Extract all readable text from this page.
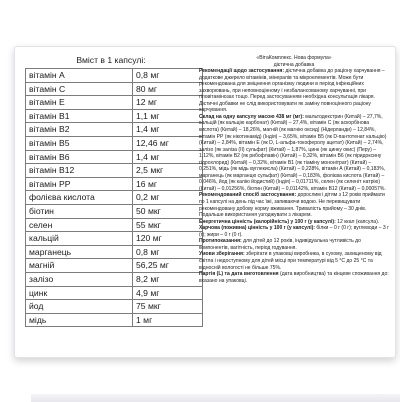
Вміст в 1 капсулі:
вітамін А	0,8 мг
вітамін С	80 мг
вітамін Е	12 мг
вітамін В1	1,1 мг
вітамін В2	1,4 мг
вітамін В5	12,46 мг
вітамін В6	1,4 мг
вітамін В12	2,5 мкг
вітамін РР	16 мг
фолієва кислота	0,2 мг
біотин	50 мкг
селен	55 мкг
кальцій	120 мг
марганець	0,8 мг
магній	56,25 мг
залізо	8,2 мг
цинк	4,9 мг
йод	75 мкг
мідь	1 мг

«ВітаКомплекс. Нова формула»

дієтична добавка

Рекомендації щодо застосування: дієтична добавка до раціону харчування – додаткове джерело вітамінів, мінералів та мікроелементів. Може бути рекомендована для зміцнення організму людини в період інфекційних захворювань, при неповноцінному і незбалансованому харчуванні, при гіповітамінозах тощо. Перед застосуванням необхідна консультація лікаря. Дієтичні добавки не слід використовувати як заміну повноцінного раціону харчування.

Склад на одну капсулу масою 438 мг (мг): мальтодекстрин (Китай) – 27,7%, кальцій (як кальцію карбонат) (Китай) – 27,4%, вітамін С (як аскорбінова кислота) (Китай) – 18,26%, магній (як магнію оксид) (Нідерланди) – 12,84%, вітамін РР (як нікотинамід) (Індія) – 3,65%, вітамін В5 (як D-пантотенат кальцію) (Китай) – 2,84%, вітамін Е (як D, L-альфа-токоферолу ацетат) (Китай) – 2,74%, залізо (як заліза (ІІ) сульфат) (Китай) – 1,87%, цинк (як цинку окис) (Перу) – 1,12%, вітамін В2 (як рибофлавін) (Китай) – 0,32%, вітамін В6 (як піридоксину гідрохлорид) (Китай) – 0,32%, вітамін В1 (як тіаміну мононітрат) (Китай) – 0,251%, мідь (як мідь вуглекисла) (Китай) – 0,228%, вітамін А (Китай) – 0,183%, марганець (як марганцю сульфат) (Китай) – 0,183%, фолієва кислота (Китай) – 0,046%, йод (як калію йодистий) (Індія) – 0,01711%, селен (як селеніт натрію) (Китай) – 0,01256%, біотин (Китай) – 0,01142%, вітамін В12 (Китай) – 0,00057%.

Рекомендований спосіб застосування: дорослим і дітям з 12 років приймати по 1 капсулі на день під час їжі, запиваючи водою. Не перевищувати рекомендовану добову норму вживання. Тривалість прийому – 30 днів. Подальше використання узгоджувати з лікарем.

Енергетична цінність (калорійність) у 100 г (у капсулі): 12 ккал (капсула).

Харчова (поживна) цінність у 100 г (у капсулі): білки – 0 г (0 г); вуглеводи – 3 г (г); жири – 0 г (0 г).

Протипоказання: для дітей до 12 років, індивідуальна чутливість до компонентів, вагітність, період годування.

Умови зберігання: зберігати в упаковці виробника, в сухому, захищеному від світла і недоступному для дітей місці при температурі від 5 °С до 25 °С та відносній вологості не більше 75%.

Партія (L) та дата виготовлення (дата виробництва) та кінцеве споживання до: вказано на упаковці.
